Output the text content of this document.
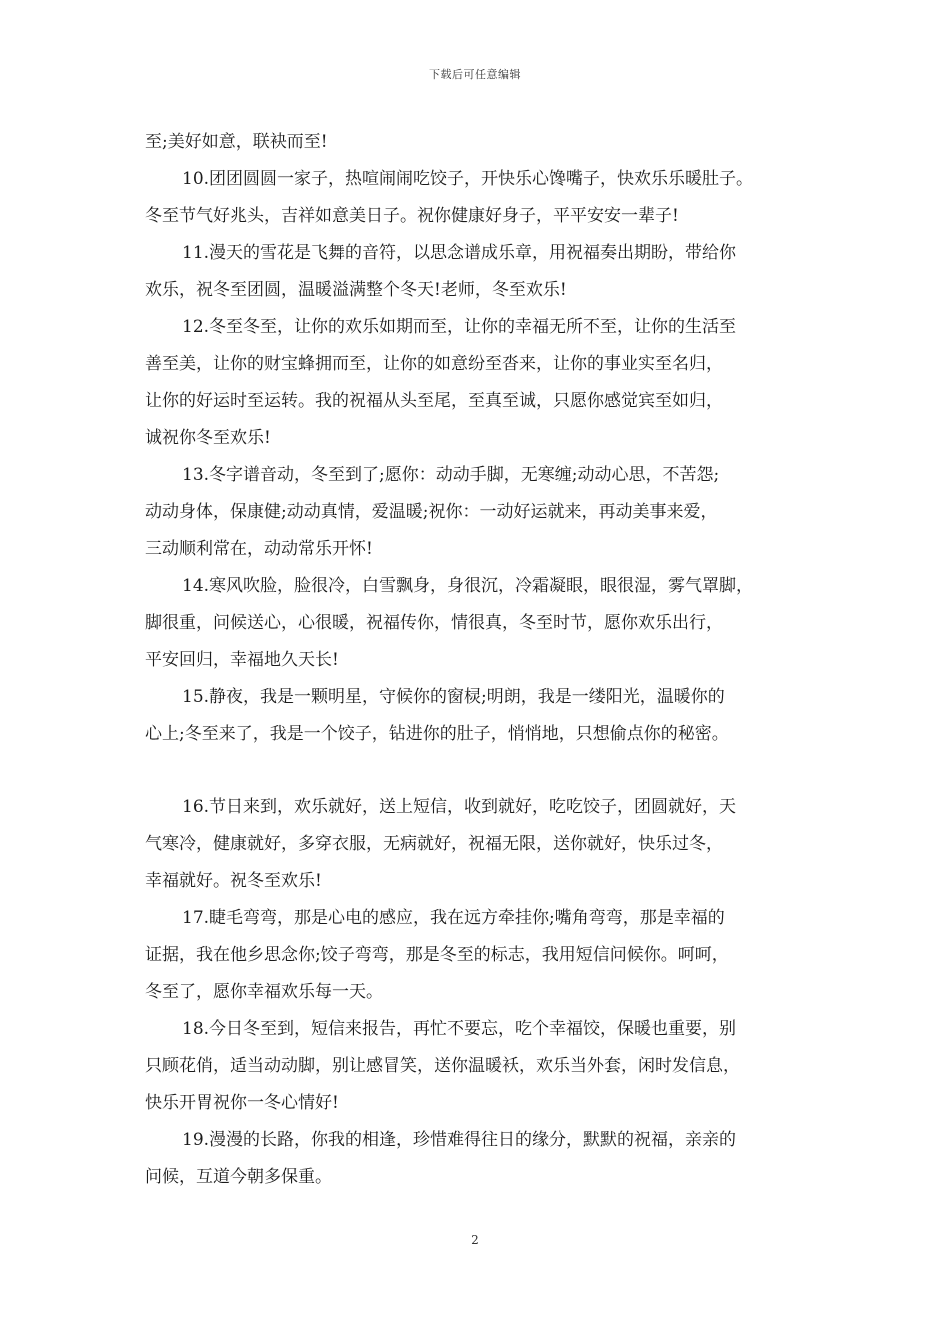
下载后可任意编辑
至;美好如意，联袂而至!
10.团团圆圆一家子，热喧闹闹吃饺子，开快乐心馋嘴子，快欢乐乐暖肚子。
冬至节气好兆头，吉祥如意美日子。祝你健康好身子，平平安安一辈子!
11.漫天的雪花是飞舞的音符，以思念谱成乐章，用祝福奏出期盼，带给你
欢乐，祝冬至团圆，温暖溢满整个冬天!老师，冬至欢乐!
12.冬至冬至，让你的欢乐如期而至，让你的幸福无所不至，让你的生活至
善至美，让你的财宝蜂拥而至，让你的如意纷至沓来，让你的事业实至名归，
让你的好运时至运转。我的祝福从头至尾，至真至诚，只愿你感觉宾至如归，
诚祝你冬至欢乐!
13.冬字谱音动，冬至到了;愿你：动动手脚，无寒缠;动动心思，不苦怨;
动动身体，保康健;动动真情，爱温暖;祝你：一动好运就来，再动美事来爱，
三动顺利常在，动动常乐开怀!
14.寒风吹脸，脸很冷，白雪飘身，身很沉，冷霜凝眼，眼很湿，雾气罩脚，
脚很重，问候送心，心很暖，祝福传你，情很真，冬至时节，愿你欢乐出行，
平安回归，幸福地久天长!
15.静夜，我是一颗明星，守候你的窗棂;明朗，我是一缕阳光，温暖你的
心上;冬至来了，我是一个饺子，钻进你的肚子，悄悄地，只想偷点你的秘密。
16.节日来到，欢乐就好，送上短信，收到就好，吃吃饺子，团圆就好，天
气寒冷，健康就好，多穿衣服，无病就好，祝福无限，送你就好，快乐过冬，
幸福就好。祝冬至欢乐!
17.睫毛弯弯，那是心电的感应，我在远方牵挂你;嘴角弯弯，那是幸福的
证据，我在他乡思念你;饺子弯弯，那是冬至的标志，我用短信问候你。呵呵，
冬至了，愿你幸福欢乐每一天。
18.今日冬至到，短信来报告，再忙不要忘，吃个幸福饺，保暖也重要，别
只顾花俏，适当动动脚，别让感冒笑，送你温暖袄，欢乐当外套，闲时发信息，
快乐开胃祝你一冬心情好!
19.漫漫的长路，你我的相逢，珍惜难得往日的缘分，默默的祝福，亲亲的
问候，互道今朝多保重。
2
